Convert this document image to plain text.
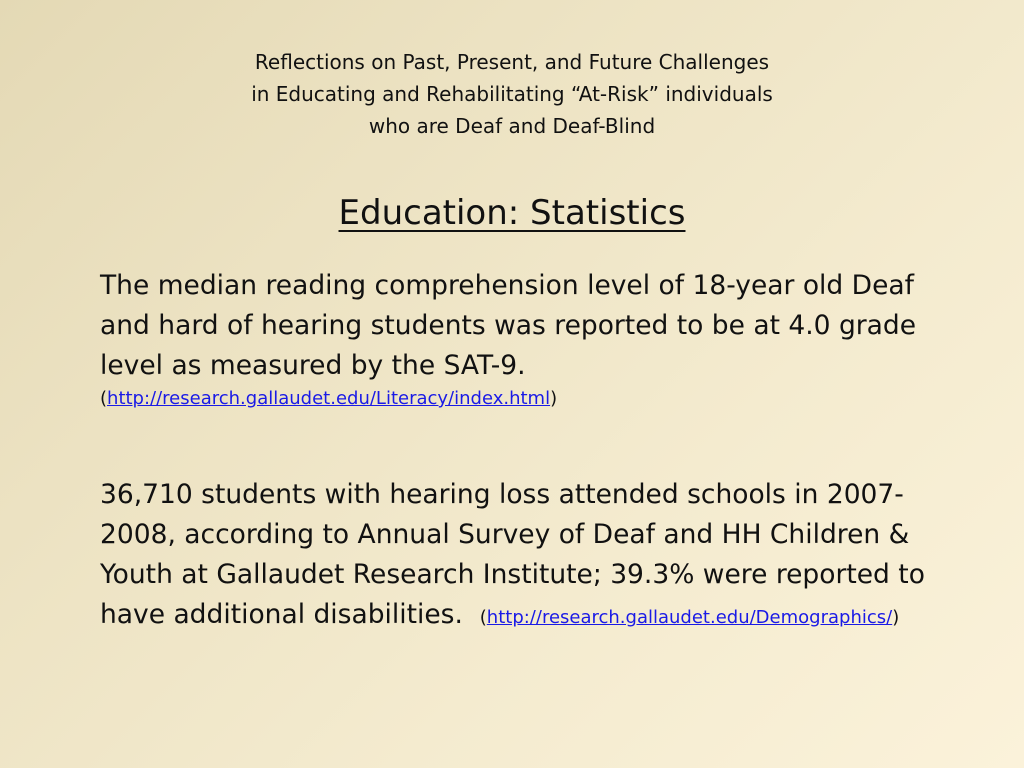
Reflections on Past, Present, and Future Challenges
in Educating and Rehabilitating “At-Risk” individuals
who are Deaf and Deaf-Blind
Education: Statistics
The median reading comprehension level of 18-year old Deaf
and hard of hearing students was reported to be at 4.0 grade
level as measured by the SAT-9.
(http://research.gallaudet.edu/Literacy/index.html)
36,710 students with hearing loss attended schools in 2007-
2008, according to Annual Survey of Deaf and HH Children &
Youth at Gallaudet Research Institute; 39.3% were reported to
have additional disabilities. (http://research.gallaudet.edu/Demographics/)
